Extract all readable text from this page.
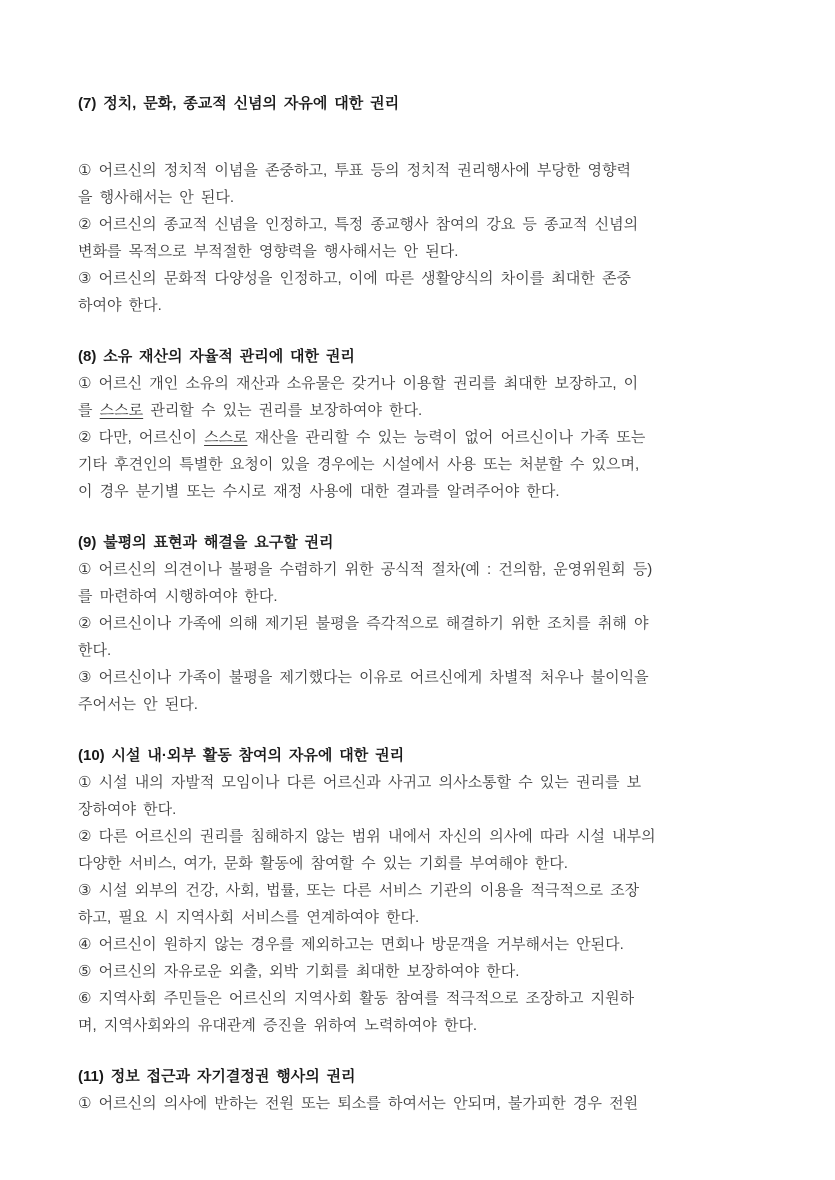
(7) 정치, 문화, 종교적 신념의 자유에 대한 권리
① 어르신의 정치적 이념을 존중하고, 투표 등의 정치적 권리행사에 부당한 영향력
을 행사해서는 안 된다.
② 어르신의 종교적 신념을 인정하고, 특정 종교행사 참여의 강요 등 종교적 신념의
변화를 목적으로 부적절한 영향력을 행사해서는 안 된다.
③ 어르신의 문화적 다양성을 인정하고, 이에 따른 생활양식의 차이를 최대한 존중
하여야 한다.
(8) 소유 재산의 자율적 관리에 대한 권리
① 어르신 개인 소유의 재산과 소유물은 갖거나 이용할 권리를 최대한 보장하고, 이
를 스스로 관리할 수 있는 권리를 보장하여야 한다.
② 다만, 어르신이 스스로 재산을 관리할 수 있는 능력이 없어 어르신이나 가족 또는
기타 후견인의 특별한 요청이 있을 경우에는 시설에서 사용 또는 처분할 수 있으며,
이 경우 분기별 또는 수시로 재정 사용에 대한 결과를 알려주어야 한다.
(9) 불평의 표현과 해결을 요구할 권리
① 어르신의 의견이나 불평을 수렴하기 위한 공식적 절차(예 : 건의함, 운영위원회 등)
를 마련하여 시행하여야 한다.
② 어르신이나 가족에 의해 제기된 불평을 즉각적으로 해결하기 위한 조치를 취해 야
한다.
③ 어르신이나 가족이 불평을 제기했다는 이유로 어르신에게 차별적 처우나 불이익을
주어서는 안 된다.
(10) 시설 내·외부 활동 참여의 자유에 대한 권리
① 시설 내의 자발적 모임이나 다른 어르신과 사귀고 의사소통할 수 있는 권리를 보
장하여야 한다.
② 다른 어르신의 권리를 침해하지 않는 범위 내에서 자신의 의사에 따라 시설 내부의
다양한 서비스, 여가, 문화 활동에 참여할 수 있는 기회를 부여해야 한다.
③ 시설 외부의 건강, 사회, 법률, 또는 다른 서비스 기관의 이용을 적극적으로 조장
하고, 필요 시 지역사회 서비스를 연계하여야 한다.
④ 어르신이 원하지 않는 경우를 제외하고는 면회나 방문객을 거부해서는 안된다.
⑤ 어르신의 자유로운 외출, 외박 기회를 최대한 보장하여야 한다.
⑥ 지역사회 주민들은 어르신의 지역사회 활동 참여를 적극적으로 조장하고 지원하
며, 지역사회와의 유대관계 증진을 위하여 노력하여야 한다.
(11) 정보 접근과 자기결정권 행사의 권리
① 어르신의 의사에 반하는 전원 또는 퇴소를 하여서는 안되며, 불가피한 경우 전원
